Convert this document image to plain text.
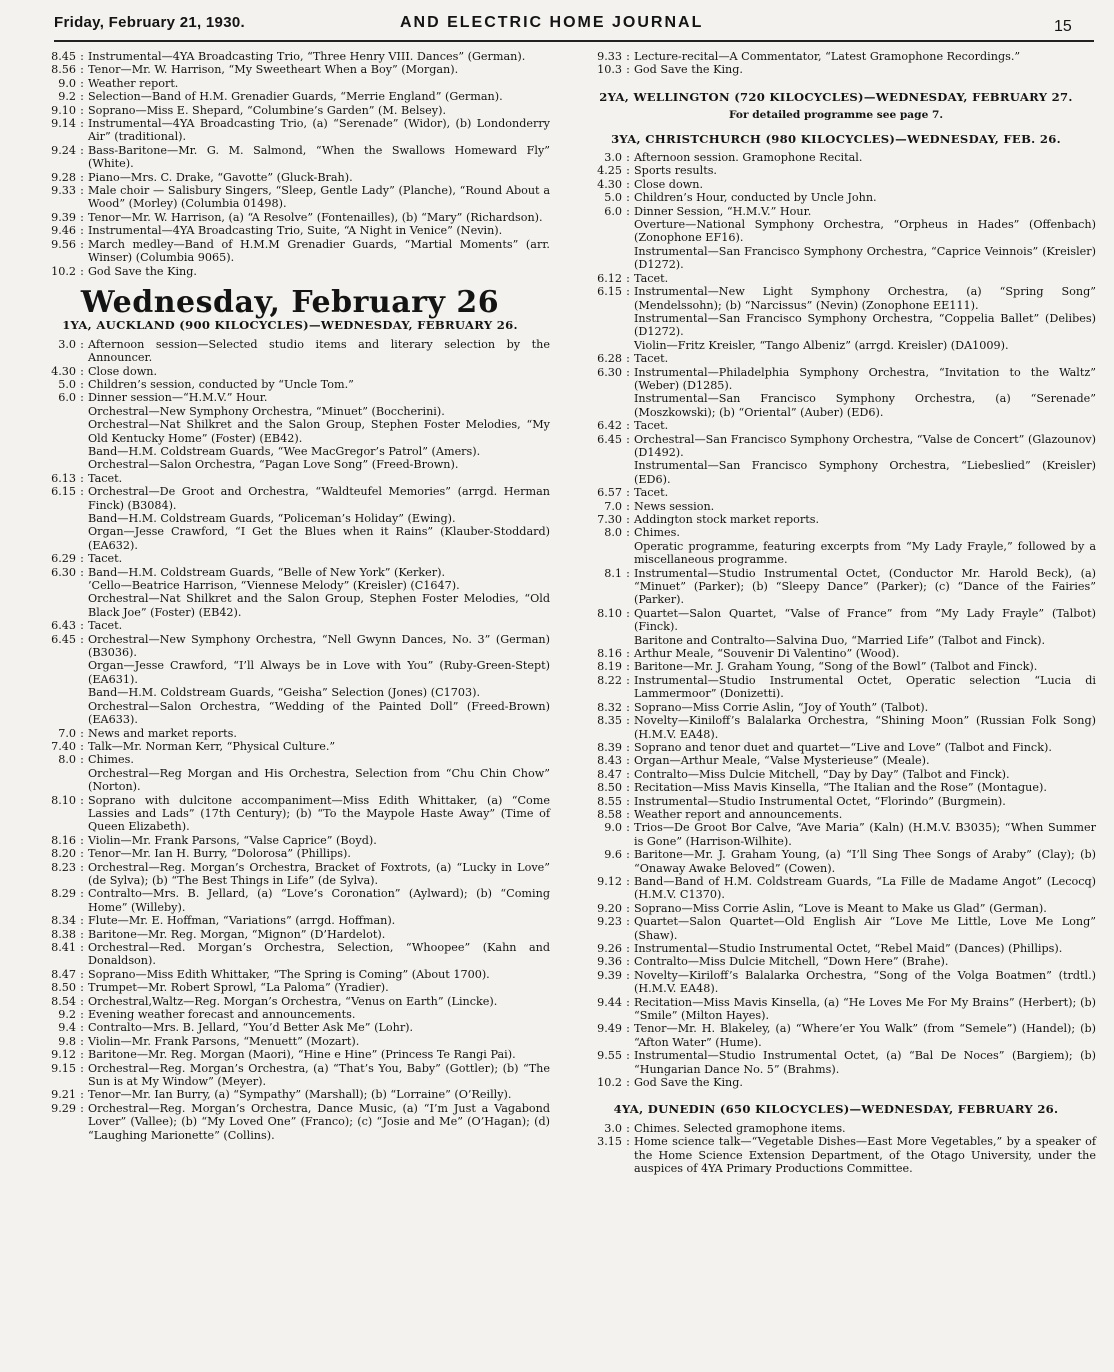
Friday, February 21, 1930.	AND ELECTRIC HOME JOURNAL	15
8.45 : Instrumental—4YA Broadcasting Trio, “Three Henry VIII. Dances” (German).
8.56 : Tenor—Mr. W. Harrison, “My Sweetheart When a Boy” (Morgan).
9.0 : Weather report.
9.2 : Selection—Band of H.M. Grenadier Guards, “Merrie England” (German).
9.10 : Soprano—Miss E. Shepard, “Columbine’s Garden” (M. Belsey).
9.14 : Instrumental—4YA Broadcasting Trio, (a) “Serenade” (Widor), (b) Londonderry Air” (traditional).
9.24 : Bass-Baritone—Mr. G. M. Salmond, “When the Swallows Homeward Fly” (White).
9.28 : Piano—Mrs. C. Drake, “Gavotte” (Gluck-Brah).
9.33 : Male choir — Salisbury Singers, “Sleep, Gentle Lady” (Planche), “Round About a Wood” (Morley) (Columbia 01498).
9.39 : Tenor—Mr. W. Harrison, (a) “A Resolve” (Fontenailles), (b) “Mary” (Richardson).
9.46 : Instrumental—4YA Broadcasting Trio, Suite, “A Night in Venice” (Nevin).
9.56 : March medley—Band of H.M.M Grenadier Guards, “Martial Moments” (arr. Winser) (Columbia 9065).
10.2 : God Save the King.
Wednesday, February 26
1YA, AUCKLAND (900 KILOCYCLES)—WEDNESDAY, FEBRUARY 26.
3.0 : Afternoon session—Selected studio items and literary selection by the Announcer.
4.30 : Close down.
5.0 : Children’s session, conducted by “Uncle Tom.”
6.0 : Dinner session—“H.M.V.” Hour.
Orchestral—New Symphony Orchestra, “Minuet” (Boccherini).
Orchestral—Nat Shilkret and the Salon Group, Stephen Foster Melodies, “My Old Kentucky Home” (Foster) (EB42).
Band—H.M. Coldstream Guards, “Wee MacGregor’s Patrol” (Amers).
Orchestral—Salon Orchestra, “Pagan Love Song” (Freed-Brown).
6.13 : Tacet.
6.15 : Orchestral—De Groot and Orchestra, “Waldteufel Memories” (arrgd. Herman Finck) (B3084).
Band—H.M. Coldstream Guards, “Policeman’s Holiday” (Ewing).
Organ—Jesse Crawford, “I Get the Blues when it Rains” (Klauber-Stoddard) (EA632).
6.29 : Tacet.
6.30 : Band—H.M. Coldstream Guards, “Belle of New York” (Kerker).
’Cello—Beatrice Harrison, “Viennese Melody” (Kreisler) (C1647).
Orchestral—Nat Shilkret and the Salon Group, Stephen Foster Melodies, “Old Black Joe” (Foster) (EB42).
6.43 : Tacet.
6.45 : Orchestral—New Symphony Orchestra, “Nell Gwynn Dances, No. 3” (German) (B3036).
Organ—Jesse Crawford, “I’ll Always be in Love with You” (Ruby-Green-Stept) (EA631).
Band—H.M. Coldstream Guards, “Geisha” Selection (Jones) (C1703).
Orchestral—Salon Orchestra, “Wedding of the Painted Doll” (Freed-Brown) (EA633).
7.0 : News and market reports.
7.40 : Talk—Mr. Norman Kerr, “Physical Culture.”
8.0 : Chimes.
Orchestral—Reg Morgan and His Orchestra, Selection from “Chu Chin Chow” (Norton).
8.10 : Soprano with dulcitone accompaniment—Miss Edith Whittaker, (a) “Come Lassies and Lads” (17th Century); (b) “To the Maypole Haste Away” (Time of Queen Elizabeth).
8.16 : Violin—Mr. Frank Parsons, “Valse Caprice” (Boyd).
8.20 : Tenor—Mr. Ian H. Burry, “Dolorosa” (Phillips).
8.23 : Orchestral—Reg. Morgan’s Orchestra, Bracket of Foxtrots, (a) “Lucky in Love” (de Sylva); (b) “The Best Things in Life” (de Sylva).
8.29 : Contralto—Mrs. B. Jellard, (a) “Love’s Coronation” (Aylward); (b) “Coming Home” (Willeby).
8.34 : Flute—Mr. E. Hoffman, “Variations” (arrgd. Hoffman).
8.38 : Baritone—Mr. Reg. Morgan, “Mignon” (D’Hardelot).
8.41 : Orchestral—Red. Morgan’s Orchestra, Selection, “Whoopee” (Kahn and Donaldson).
8.47 : Soprano—Miss Edith Whittaker, “The Spring is Coming” (About 1700).
8.50 : Trumpet—Mr. Robert Sprowl, “La Paloma” (Yradier).
8.54 : Orchestral,Waltz—Reg. Morgan’s Orchestra, “Venus on Earth” (Lincke).
9.2 : Evening weather forecast and announcements.
9.4 : Contralto—Mrs. B. Jellard, “You’d Better Ask Me” (Lohr).
9.8 : Violin—Mr. Frank Parsons, “Menuett” (Mozart).
9.12 : Baritone—Mr. Reg. Morgan (Maori), “Hine e Hine” (Princess Te Rangi Pai).
9.15 : Orchestral—Reg. Morgan’s Orchestra, (a) “That’s You, Baby” (Gottler); (b) “The Sun is at My Window” (Meyer).
9.21 : Tenor—Mr. Ian Burry, (a) “Sympathy” (Marshall); (b) “Lorraine” (O’Reilly).
9.29 : Orchestral—Reg. Morgan’s Orchestra, Dance Music, (a) “I’m Just a Vagabond Lover” (Vallee); (b) “My Loved One” (Franco); (c) “Josie and Me” (O’Hagan); (d) “Laughing Marionette” (Collins).
9.33 : Lecture-recital—A Commentator, “Latest Gramophone Recordings.”
10.3 : God Save the King.
2YA, WELLINGTON (720 KILOCYCLES)—WEDNESDAY, FEBRUARY 27.
For detailed programme see page 7.
3YA, CHRISTCHURCH (980 KILOCYCLES)—WEDNESDAY, FEB. 26.
3.0 : Afternoon session. Gramophone Recital.
4.25 : Sports results.
4.30 : Close down.
5.0 : Children’s Hour, conducted by Uncle John.
6.0 : Dinner Session, “H.M.V.” Hour.
Overture—National Symphony Orchestra, “Orpheus in Hades” (Offenbach) (Zonophone EF16).
Instrumental—San Francisco Symphony Orchestra, “Caprice Veinnois” (Kreisler) (D1272).
6.12 : Tacet.
6.15 : Instrumental—New Light Symphony Orchestra, (a) “Spring Song” (Mendelssohn); (b) “Narcissus” (Nevin) (Zonophone EE111).
Instrumental—San Francisco Symphony Orchestra, “Coppelia Ballet” (Delibes) (D1272).
Violin—Fritz Kreisler, “Tango Albeniz” (arrgd. Kreisler) (DA1009).
6.28 : Tacet.
6.30 : Instrumental—Philadelphia Symphony Orchestra, “Invitation to the Waltz” (Weber) (D1285).
Instrumental—San Francisco Symphony Orchestra, (a) “Serenade” (Moszkowski); (b) “Oriental” (Auber) (ED6).
6.42 : Tacet.
6.45 : Orchestral—San Francisco Symphony Orchestra, “Valse de Concert” (Glazounov) (D1492).
Instrumental—San Francisco Symphony Orchestra, “Liebeslied” (Kreisler) (ED6).
6.57 : Tacet.
7.0 : News session.
7.30 : Addington stock market reports.
8.0 : Chimes.
Operatic programme, featuring excerpts from “My Lady Frayle,” followed by a miscellaneous programme.
8.1 : Instrumental—Studio Instrumental Octet, (Conductor Mr. Harold Beck), (a) “Minuet” (Parker); (b) “Sleepy Dance” (Parker); (c) “Dance of the Fairies” (Parker).
8.10 : Quartet—Salon Quartet, “Valse of France” from “My Lady Frayle” (Talbot) (Finck).
Baritone and Contralto—Salvina Duo, “Married Life” (Talbot and Finck).
8.16 : Arthur Meale, “Souvenir Di Valentino” (Wood).
8.19 : Baritone—Mr. J. Graham Young, “Song of the Bowl” (Talbot and Finck).
8.22 : Instrumental—Studio Instrumental Octet, Operatic selection “Lucia di Lammermoor” (Donizetti).
8.32 : Soprano—Miss Corrie Aslin, “Joy of Youth” (Talbot).
8.35 : Novelty—Kiniloff’s Balalarka Orchestra, “Shining Moon” (Russian Folk Song) (H.M.V. EA48).
8.39 : Soprano and tenor duet and quartet—“Live and Love” (Talbot and Finck).
8.43 : Organ—Arthur Meale, “Valse Mysterieuse” (Meale).
8.47 : Contralto—Miss Dulcie Mitchell, “Day by Day” (Talbot and Finck).
8.50 : Recitation—Miss Mavis Kinsella, “The Italian and the Rose” (Montague).
8.55 : Instrumental—Studio Instrumental Octet, “Florindo” (Burgmein).
8.58 : Weather report and announcements.
9.0 : Trios—De Groot Bor Calve, “Ave Maria” (Kaln) (H.M.V. B3035); “When Summer is Gone” (Harrison-Wilhite).
9.6 : Baritone—Mr. J. Graham Young, (a) “I’ll Sing Thee Songs of Araby” (Clay); (b) “Onaway Awake Beloved” (Cowen).
9.12 : Band—Band of H.M. Coldstream Guards, “La Fille de Madame Angot” (Lecocq) (H.M.V. C1370).
9.20 : Soprano—Miss Corrie Aslin, “Love is Meant to Make us Glad” (German).
9.23 : Quartet—Salon Quartet—Old English Air “Love Me Little, Love Me Long” (Shaw).
9.26 : Instrumental—Studio Instrumental Octet, “Rebel Maid” (Dances) (Phillips).
9.36 : Contralto—Miss Dulcie Mitchell, “Down Here” (Brahe).
9.39 : Novelty—Kiriloff’s Balalarka Orchestra, “Song of the Volga Boatmen” (trdtl.) (H.M.V. EA48).
9.44 : Recitation—Miss Mavis Kinsella, (a) “He Loves Me For My Brains” (Herbert); (b) “Smile” (Milton Hayes).
9.49 : Tenor—Mr. H. Blakeley, (a) “Where’er You Walk” (from “Semele”) (Handel); (b) “Afton Water” (Hume).
9.55 : Instrumental—Studio Instrumental Octet, (a) “Bal De Noces” (Bargiem); (b) “Hungarian Dance No. 5” (Brahms).
10.2 : God Save the King.
4YA, DUNEDIN (650 KILOCYCLES)—WEDNESDAY, FEBRUARY 26.
3.0 : Chimes. Selected gramophone items.
3.15 : Home science talk—“Vegetable Dishes—East More Vegetables,” by a speaker of the Home Science Extension Department, of the Otago University, under the auspices of 4YA Primary Productions Committee.
